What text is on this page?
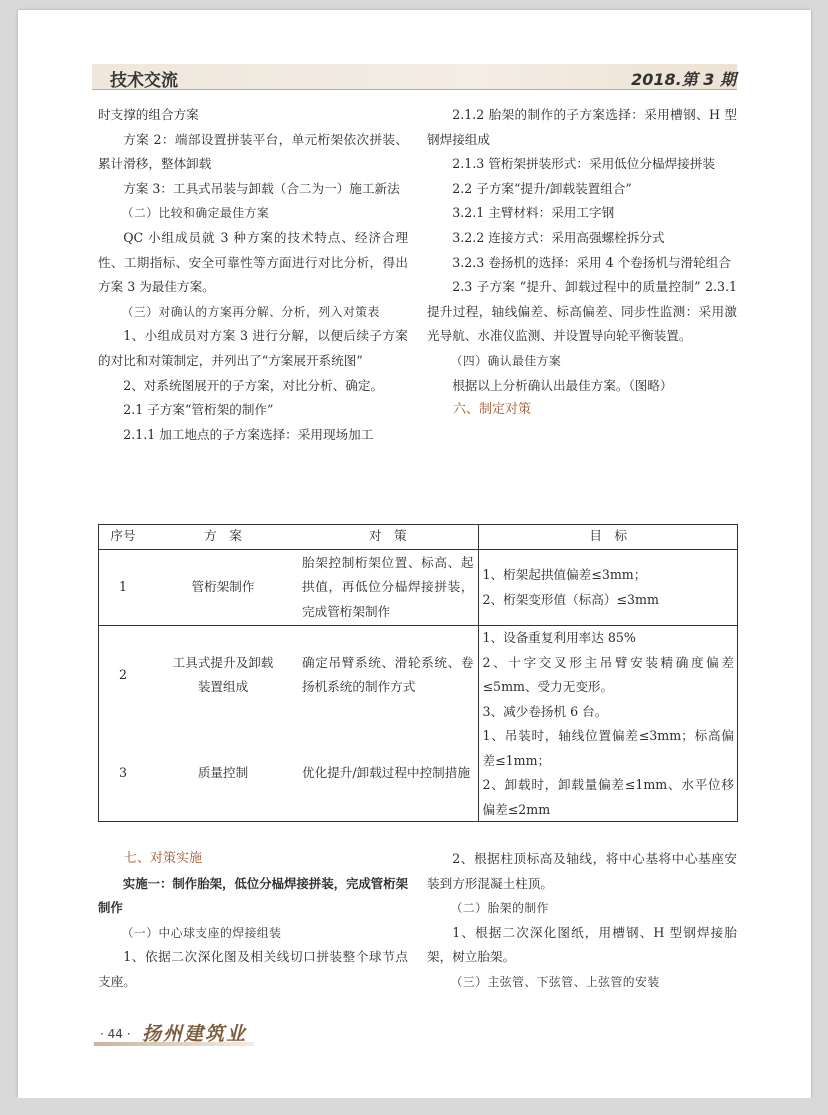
技术交流	2018.第 3 期

时支撑的组合方案

方案 2：端部设置拼装平台，单元桁架依次拼装、累计滑移，整体卸载

方案 3：工具式吊装与卸载（合二为一）施工新法

（二）比较和确定最佳方案

QC 小组成员就 3 种方案的技术特点、经济合理性、工期指标、安全可靠性等方面进行对比分析，得出方案 3 为最佳方案。

（三）对确认的方案再分解、分析，列入对策表

1、小组成员对方案 3 进行分解，以便后续子方案的对比和对策制定，并列出了“方案展开系统图”

2、对系统图展开的子方案，对比分析、确定。

2.1 子方案“管桁架的制作”

2.1.1 加工地点的子方案选择：采用现场加工

2.1.2 胎架的制作的子方案选择：采用槽钢、H 型钢焊接组成

2.1.3 管桁架拼装形式：采用低位分榀焊接拼装

2.2 子方案“提升/卸载装置组合”

3.2.1 主臂材料：采用工字钢

3.2.2 连接方式：采用高强螺栓拆分式

3.2.3 卷扬机的选择：采用 4 个卷扬机与滑轮组合

2.3 子方案 “提升、卸载过程中的质量控制” 2.3.1 提升过程，轴线偏差、标高偏差、同步性监测：采用激光导航、水准仪监测、并设置导向轮平衡装置。

（四）确认最佳方案

根据以上分析确认出最佳方案。（图略）

六、制定对策

序号	方　案	对　策	目　标
1	管桁架制作	胎架控制桁架位置、标高、起拱值，再低位分榀焊接拼装，完成管桁架制作	1、桁架起拱值偏差≤3mm；
2、桁架变形值（标高）≤3mm
2	工具式提升及卸载装置组成	确定吊臂系统、滑轮系统、卷扬机系统的制作方式	1、设备重复利用率达 85%
2、十字交叉形主吊臂安装精确度偏差≤5mm、受力无变形。
3、减少卷扬机 6 台。
3	质量控制	优化提升/卸载过程中控制措施	1、吊装时，轴线位置偏差≤3mm；标高偏差≤1mm；
2、卸载时，卸载量偏差≤1mm、水平位移偏差≤2mm

七、对策实施

实施一：制作胎架，低位分榀焊接拼装，完成管桁架制作

（一）中心球支座的焊接组装

1、依据二次深化图及相关线切口拼装整个球节点支座。

2、根据柱顶标高及轴线，将中心基将中心基座安装到方形混凝土柱顶。

（二）胎架的制作

1、根据二次深化图纸，用槽钢、H 型钢焊接胎架，树立胎架。

（三）主弦管、下弦管、上弦管的安装

· 44 · 扬州建筑业
